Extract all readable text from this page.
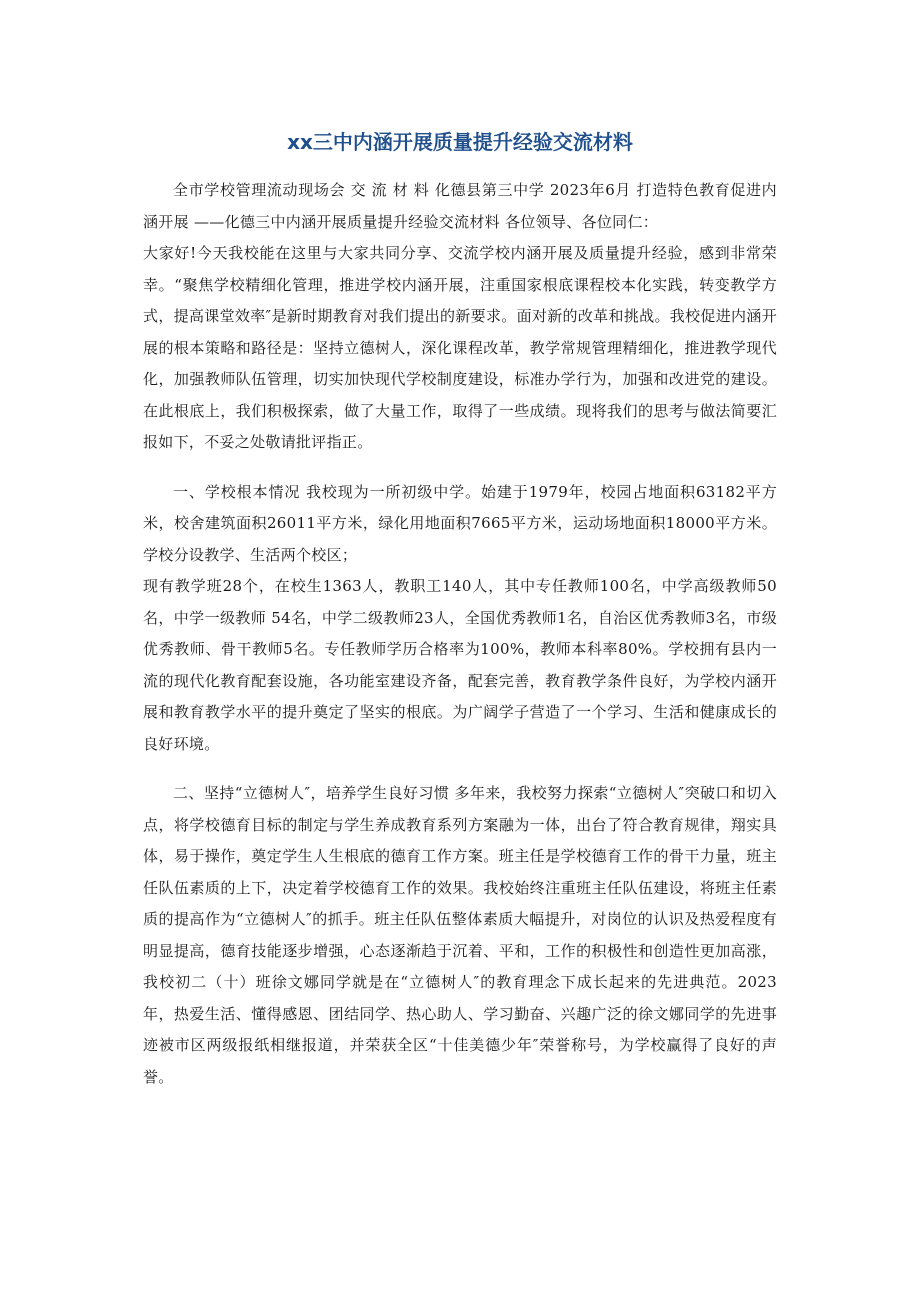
xx三中内涵开展质量提升经验交流材料

全市学校管理流动现场会 交 流 材 料 化德县第三中学 2023年6月 打造特色教育促进内涵开展 ——化德三中内涵开展质量提升经验交流材料 各位领导、各位同仁：

大家好!今天我校能在这里与大家共同分享、交流学校内涵开展及质量提升经验，感到非常荣幸。“聚焦学校精细化管理，推进学校内涵开展，注重国家根底课程校本化实践，转变教学方式，提高课堂效率″是新时期教育对我们提出的新要求。面对新的改革和挑战。我校促进内涵开展的根本策略和路径是：坚持立德树人，深化课程改革，教学常规管理精细化，推进教学现代化，加强教师队伍管理，切实加快现代学校制度建设，标准办学行为，加强和改进党的建设。在此根底上，我们积极探索，做了大量工作，取得了一些成绩。现将我们的思考与做法简要汇报如下，不妥之处敬请批评指正。

一、学校根本情况 我校现为一所初级中学。始建于1979年，校园占地面积63182平方米，校舍建筑面积26011平方米，绿化用地面积7665平方米，运动场地面积18000平方米。学校分设教学、生活两个校区；

现有教学班28个，在校生1363人，教职工140人，其中专任教师100名，中学高级教师50名，中学一级教师 54名，中学二级教师23人，全国优秀教师1名，自治区优秀教师3名，市级优秀教师、骨干教师5名。专任教师学历合格率为100%，教师本科率80%。学校拥有县内一流的现代化教育配套设施，各功能室建设齐备，配套完善，教育教学条件良好，为学校内涵开展和教育教学水平的提升奠定了坚实的根底。为广阔学子营造了一个学习、生活和健康成长的良好环境。

二、坚持“立德树人″，培养学生良好习惯 多年来，我校努力探索“立德树人″突破口和切入点，将学校德育目标的制定与学生养成教育系列方案融为一体，出台了符合教育规律，翔实具体，易于操作，奠定学生人生根底的德育工作方案。班主任是学校德育工作的骨干力量，班主任队伍素质的上下，决定着学校德育工作的效果。我校始终注重班主任队伍建设，将班主任素质的提高作为“立德树人″的抓手。班主任队伍整体素质大幅提升，对岗位的认识及热爱程度有明显提高，德育技能逐步增强，心态逐渐趋于沉着、平和，工作的积极性和创造性更加高涨，我校初二（十）班徐文娜同学就是在“立德树人″的教育理念下成长起来的先进典范。2023年，热爱生活、懂得感恩、团结同学、热心助人、学习勤奋、兴趣广泛的徐文娜同学的先进事迹被市区两级报纸相继报道，并荣获全区“十佳美德少年″荣誉称号，为学校赢得了良好的声誉。
